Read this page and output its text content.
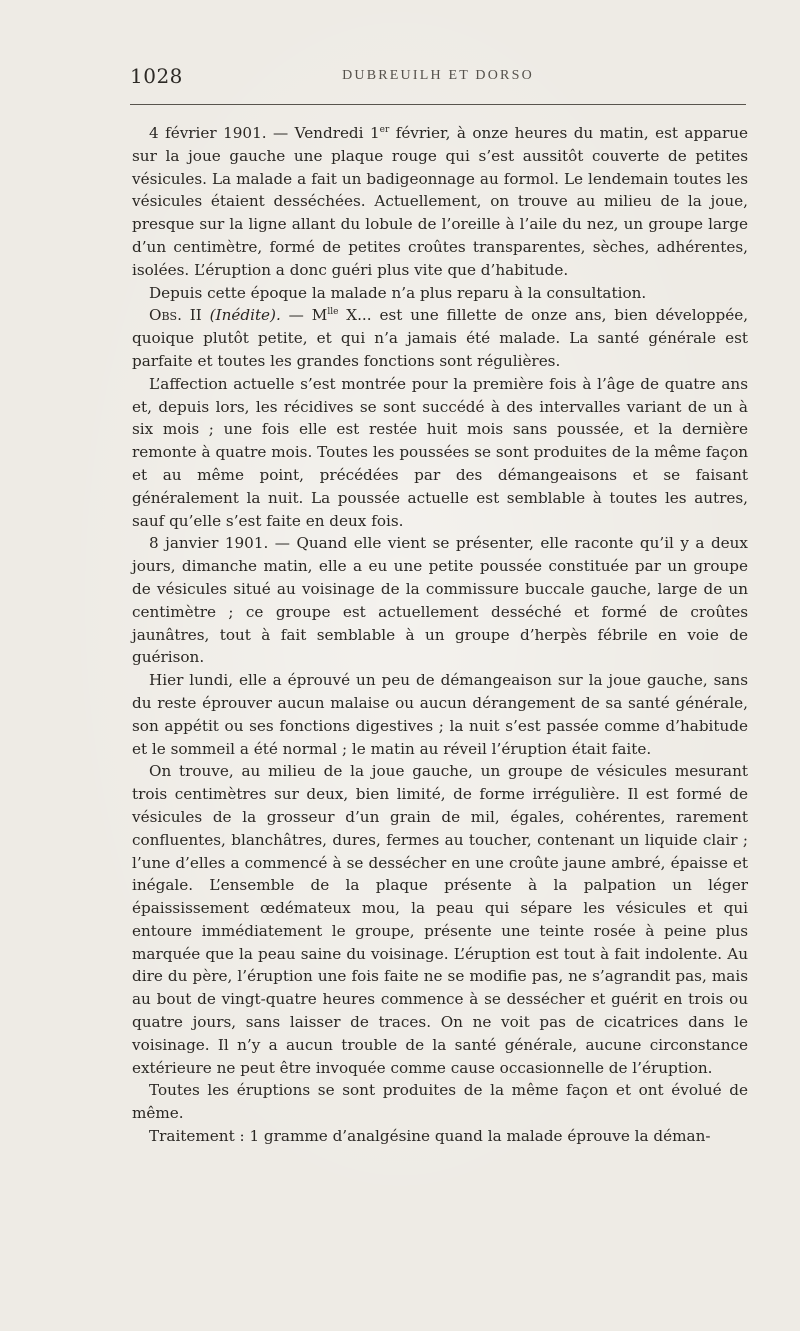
1028	DUBREUILH ET DORSO

4 février 1901. — Vendredi 1er février, à onze heures du matin, est apparue sur la joue gauche une plaque rouge qui s’est aussitôt couverte de petites vésicules. La malade a fait un badigeonnage au formol. Le lendemain toutes les vésicules étaient desséchées. Actuellement, on trouve au milieu de la joue, presque sur la ligne allant du lobule de l’oreille à l’aile du nez, un groupe large d’un centimètre, formé de petites croûtes transparentes, sèches, adhérentes, isolées. L’éruption a donc guéri plus vite que d’habitude.

Depuis cette époque la malade n’a plus reparu à la consultation.

Obs. II (Inédite). — $M^{lle}$ X... est une fillette de onze ans, bien développée, quoique plutôt petite, et qui n’a jamais été malade. La santé générale est parfaite et toutes les grandes fonctions sont régulières.

L’affection actuelle s’est montrée pour la première fois à l’âge de quatre ans et, depuis lors, les récidives se sont succédé à des intervalles variant de un à six mois ; une fois elle est restée huit mois sans poussée, et la dernière remonte à quatre mois. Toutes les poussées se sont produites de la même façon et au même point, précédées par des démangeaisons et se faisant généralement la nuit. La poussée actuelle est semblable à toutes les autres, sauf qu’elle s’est faite en deux fois.

8 janvier 1901. — Quand elle vient se présenter, elle raconte qu’il y a deux jours, dimanche matin, elle a eu une petite poussée constituée par un groupe de vésicules situé au voisinage de la commissure buccale gauche, large de un centimètre ; ce groupe est actuellement desséché et formé de croûtes jaunâtres, tout à fait semblable à un groupe d’herpès fébrile en voie de guérison.

Hier lundi, elle a éprouvé un peu de démangeaison sur la joue gauche, sans du reste éprouver aucun malaise ou aucun dérangement de sa santé générale, son appétit ou ses fonctions digestives ; la nuit s’est passée comme d’habitude et le sommeil a été normal ; le matin au réveil l’éruption était faite.

On trouve, au milieu de la joue gauche, un groupe de vésicules mesurant trois centimètres sur deux, bien limité, de forme irrégulière. Il est formé de vésicules de la grosseur d’un grain de mil, égales, cohérentes, rarement confluentes, blanchâtres, dures, fermes au toucher, contenant un liquide clair ; l’une d’elles a commencé à se dessécher en une croûte jaune ambré, épaisse et inégale. L’ensemble de la plaque présente à la palpation un léger épaississement œdémateux mou, la peau qui sépare les vésicules et qui entoure immédiatement le groupe, présente une teinte rosée à peine plus marquée que la peau saine du voisinage. L’éruption est tout à fait indolente. Au dire du père, l’éruption une fois faite ne se modifie pas, ne s’agrandit pas, mais au bout de vingt-quatre heures commence à se dessécher et guérit en trois ou quatre jours, sans laisser de traces. On ne voit pas de cicatrices dans le voisinage. Il n’y a aucun trouble de la santé générale, aucune circonstance extérieure ne peut être invoquée comme cause occasionnelle de l’éruption.

Toutes les éruptions se sont produites de la même façon et ont évolué de même.

Traitement : 1 gramme d’analgésine quand la malade éprouve la déman-
